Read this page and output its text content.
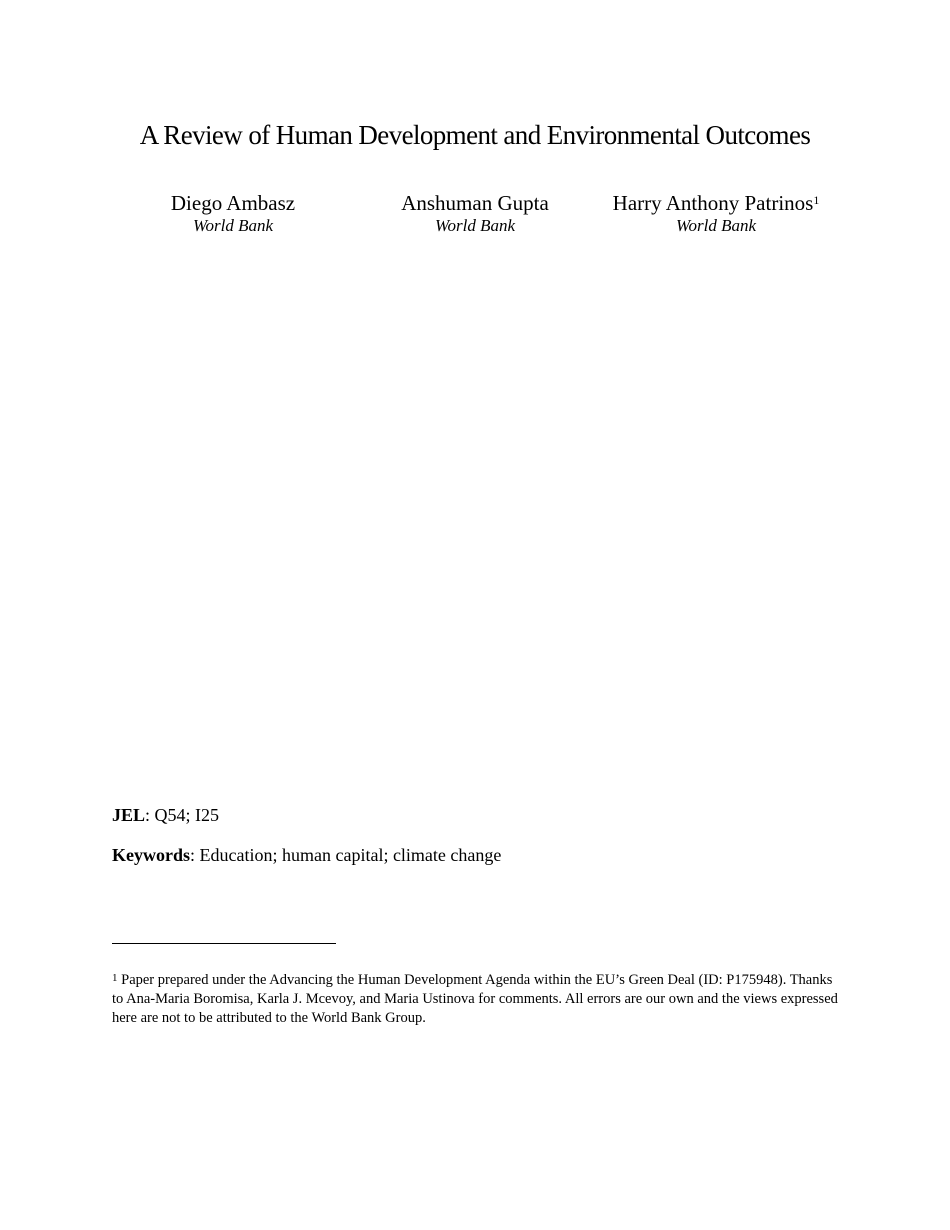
A Review of Human Development and Environmental Outcomes
Diego Ambasz
World Bank
Anshuman Gupta
World Bank
Harry Anthony Patrinos$^1$
World Bank
JEL: Q54; I25
Keywords: Education; human capital; climate change
$^1$ Paper prepared under the Advancing the Human Development Agenda within the EU’s Green Deal (ID: P175948). Thanks to Ana-Maria Boromisa, Karla J. Mcevoy, and Maria Ustinova for comments. All errors are our own and the views expressed here are not to be attributed to the World Bank Group.
